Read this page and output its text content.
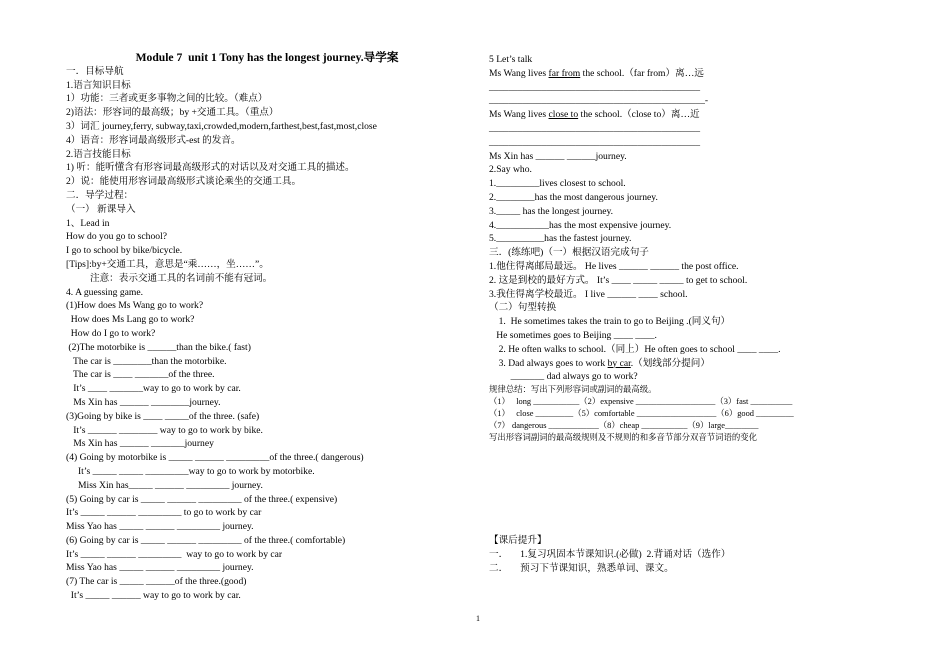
Module 7  unit 1 Tony has the longest journey.导学案
一．目标导航
1.语言知识目标
1）功能：三者或更多事物之间的比较。（难点）
2)语法：形容词的最高级；by +交通工具。（重点）
3）词汇 journey,ferry, subway,taxi,crowded,modern,farthest,best,fast,most,close
4）语音：形容词最高级形式-est 的发音。
2.语言技能目标
1) 听：能听懂含有形容词最高级形式的对话以及对交通工具的描述。
2）说：能使用形容词最高级形式谈论乘坐的交通工具。
二．导学过程：
（一） 新课导入
1、Lead in
How do you go to school?
I go to school by bike/bicycle.
[Tips]:by+交通工具，意思是“乘……，坐……”。
注意：表示交通工具的名词前不能有冠词。
4. A guessing game.
(1)How does Ms Wang go to work?
How does Ms Lang go to work?
How do I go to work?
(2)The motorbike is ______than the bike.( fast)
The car is ________than the motorbike.
The car is ____ _______of the three.
It’s ____ _______way to go to work by car.
Ms Xin has ______ ________journey.
(3)Going by bike is ____ _____of the three. (safe)
It’s ______ ________ way to go to work by bike.
Ms Xin has ______ _______journey
(4) Going by motorbike is _____ ______ _________of the three.( dangerous)
It’s _____ _____ _________way to go to work by motorbike.
Miss Xin has_____ ______ _________ journey.
(5) Going by car is _____ ______ _________ of the three.( expensive)
It’s _____ ______ _________ to go to work by car
Miss Yao has _____ ______ _________ journey.
(6) Going by car is _____ ______ _________ of the three.( comfortable)
It’s _____ ______ _________  way to go to work by car
Miss Yao has _____ ______ _________ journey.
(7) The car is _____ ______of the three.(good)
It’s _____ ______ way to go to work by car.
5 Let’s talk
Ms Wang lives far from the school.（far from）离…远
____________________________________________
_____________________________________________-
Ms Wang lives close to the school.（close to）离…近
____________________________________________
____________________________________________
Ms Xin has ______ ______journey.
2.Say who.
1._________lives closest to school.
2.________has the most dangerous journey.
3._____ has the longest journey.
4.___________has the most expensive journey.
5.__________has the fastest journey.
三．(练练吧)（一）根据汉语完成句子
1.他住得离邮局最远。 He lives ______ ______ the post office.
2. 这是到校的最好方式。 It’s ____ _____ _____ to get to school.
3.我住得离学校最近。 I live ______ ____ school.
（二）句型转换
1.  He sometimes takes the train to go to Beijing .(同义句）
He sometimes goes to Beijing ____ ____.
2. He often walks to school.（同上）He often goes to school ____ ____.
3. Dad always goes to work by car.（划线部分提问）
_______ dad always go to work?
规律总结：写出下列形容词或副词的最高级。
（1）   long ___________（2）expensive ___________________（3）fast __________
（1）   close _________（5）comfortable ___________________（6）good _________
（7） dangerous ____________（8）cheap ___________（9）large________
写出形容词副词的最高级规则及不规则的和多音节部分双音节词语的变化
【课后提升】
一．     1.复习巩固本节课知识.(必做)  2.背诵对话（选作）
二．     预习下节课知识，熟悉单词、课文。
1
